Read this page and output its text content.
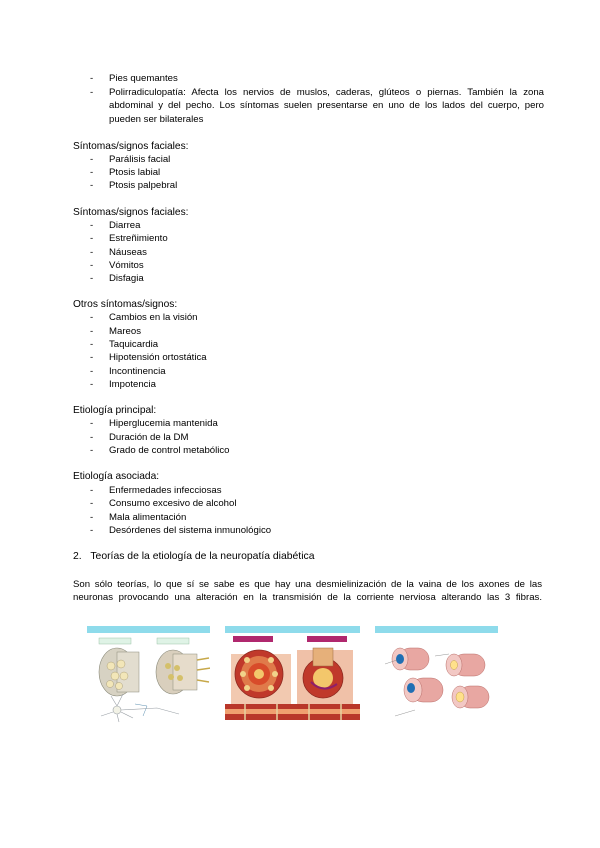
- Pies quemantes
- Polirradiculopatía: Afecta los nervios de muslos, caderas, glúteos o piernas. También la zona
abdominal y del pecho. Los síntomas suelen presentarse en uno de los lados del cuerpo, pero
pueden ser bilaterales
Síntomas/signos faciales:
- Parálisis facial
- Ptosis labial
- Ptosis palpebral
Síntomas/signos faciales:
- Diarrea
- Estreñimiento
- Náuseas
- Vómitos
- Disfagia
Otros síntomas/signos:
- Cambios en la visión
- Mareos
- Taquicardia
- Hipotensión ortostática
- Incontinencia
- Impotencia
Etiología principal:
- Hiperglucemia mantenida
- Duración de la DM
- Grado de control metabólico
Etiología asociada:
- Enfermedades infecciosas
- Consumo excesivo de alcohol
- Mala alimentación
- Desórdenes del sistema inmunológico
2. Teorías de la etiología de la neuropatía diabética
Son sólo teorías, lo que sí se sabe es que hay una desmielinización de la vaina de los axones de las
neuronas provocando una alteración en la transmisión de la corriente nerviosa alterando las 3 fibras.
